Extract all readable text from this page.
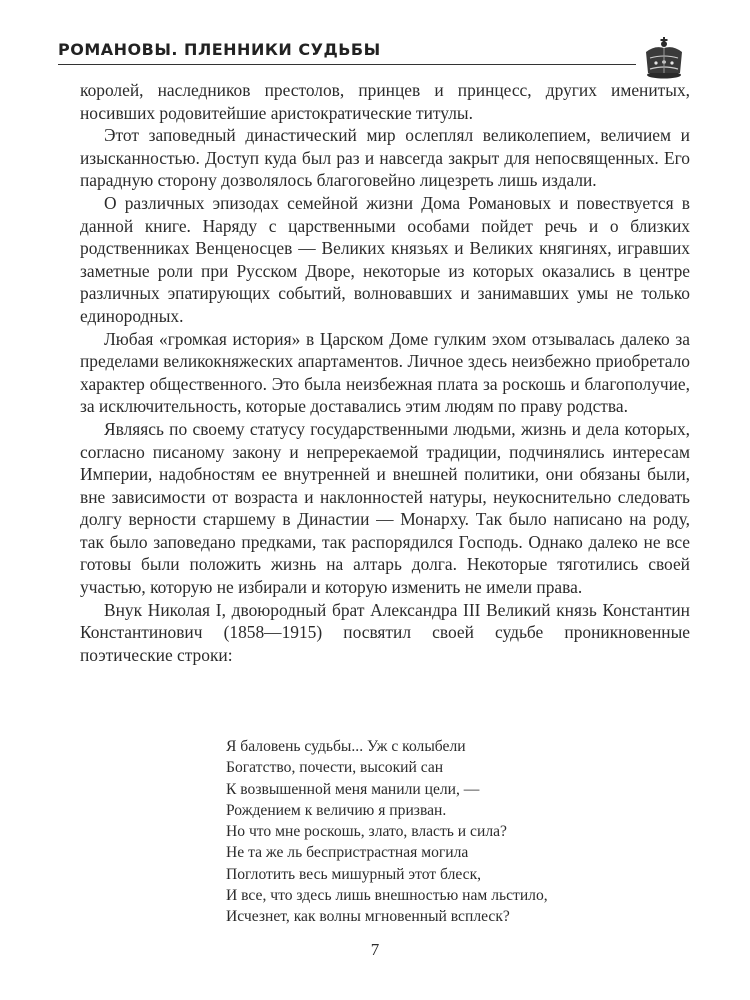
РОМАНОВЫ. ПЛЕННИКИ СУДЬБЫ

королей, наследников престолов, принцев и принцесс, других именитых, носивших родовитейшие аристократические титулы.

Этот заповедный династический мир ослеплял великолепием, величием и изысканностью. Доступ куда был раз и навсегда закрыт для непосвященных. Его парадную сторону дозволялось благоговейно лицезреть лишь издали.

О различных эпизодах семейной жизни Дома Романовых и повествуется в данной книге. Наряду с царственными особами пойдет речь и о близких родственниках Венценосцев — Великих князьях и Великих княгинях, игравших заметные роли при Русском Дворе, некоторые из которых оказались в центре различных эпатирующих событий, волновавших и занимавших умы не только единородных.

Любая «громкая история» в Царском Доме гулким эхом отзывалась далеко за пределами великокняжеских апартаментов. Личное здесь неизбежно приобретало характер общественного. Это была неизбежная плата за роскошь и благополучие, за исключительность, которые доставались этим людям по праву родства.

Являясь по своему статусу государственными людьми, жизнь и дела которых, согласно писаному закону и непререкаемой традиции, подчинялись интересам Империи, надобностям ее внутренней и внешней политики, они обязаны были, вне зависимости от возраста и наклонностей натуры, неукоснительно следовать долгу верности старшему в Династии — Монарху. Так было написано на роду, так было заповедано предками, так распорядился Господь. Однако далеко не все готовы были положить жизнь на алтарь долга. Некоторые тяготились своей участью, которую не избирали и которую изменить не имели права.

Внук Николая I, двоюродный брат Александра III Великий князь Константин Константинович (1858—1915) посвятил своей судьбе проникновенные поэтические строки:

Я баловень судьбы... Уж с колыбели
Богатство, почести, высокий сан
К возвышенной меня манили цели, —
Рождением к величию я призван.
Но что мне роскошь, злато, власть и сила?
Не та же ль беспристрастная могила
Поглотить весь мишурный этот блеск,
И все, что здесь лишь внешностью нам льстило,
Исчезнет, как волны мгновенный всплеск?
7
